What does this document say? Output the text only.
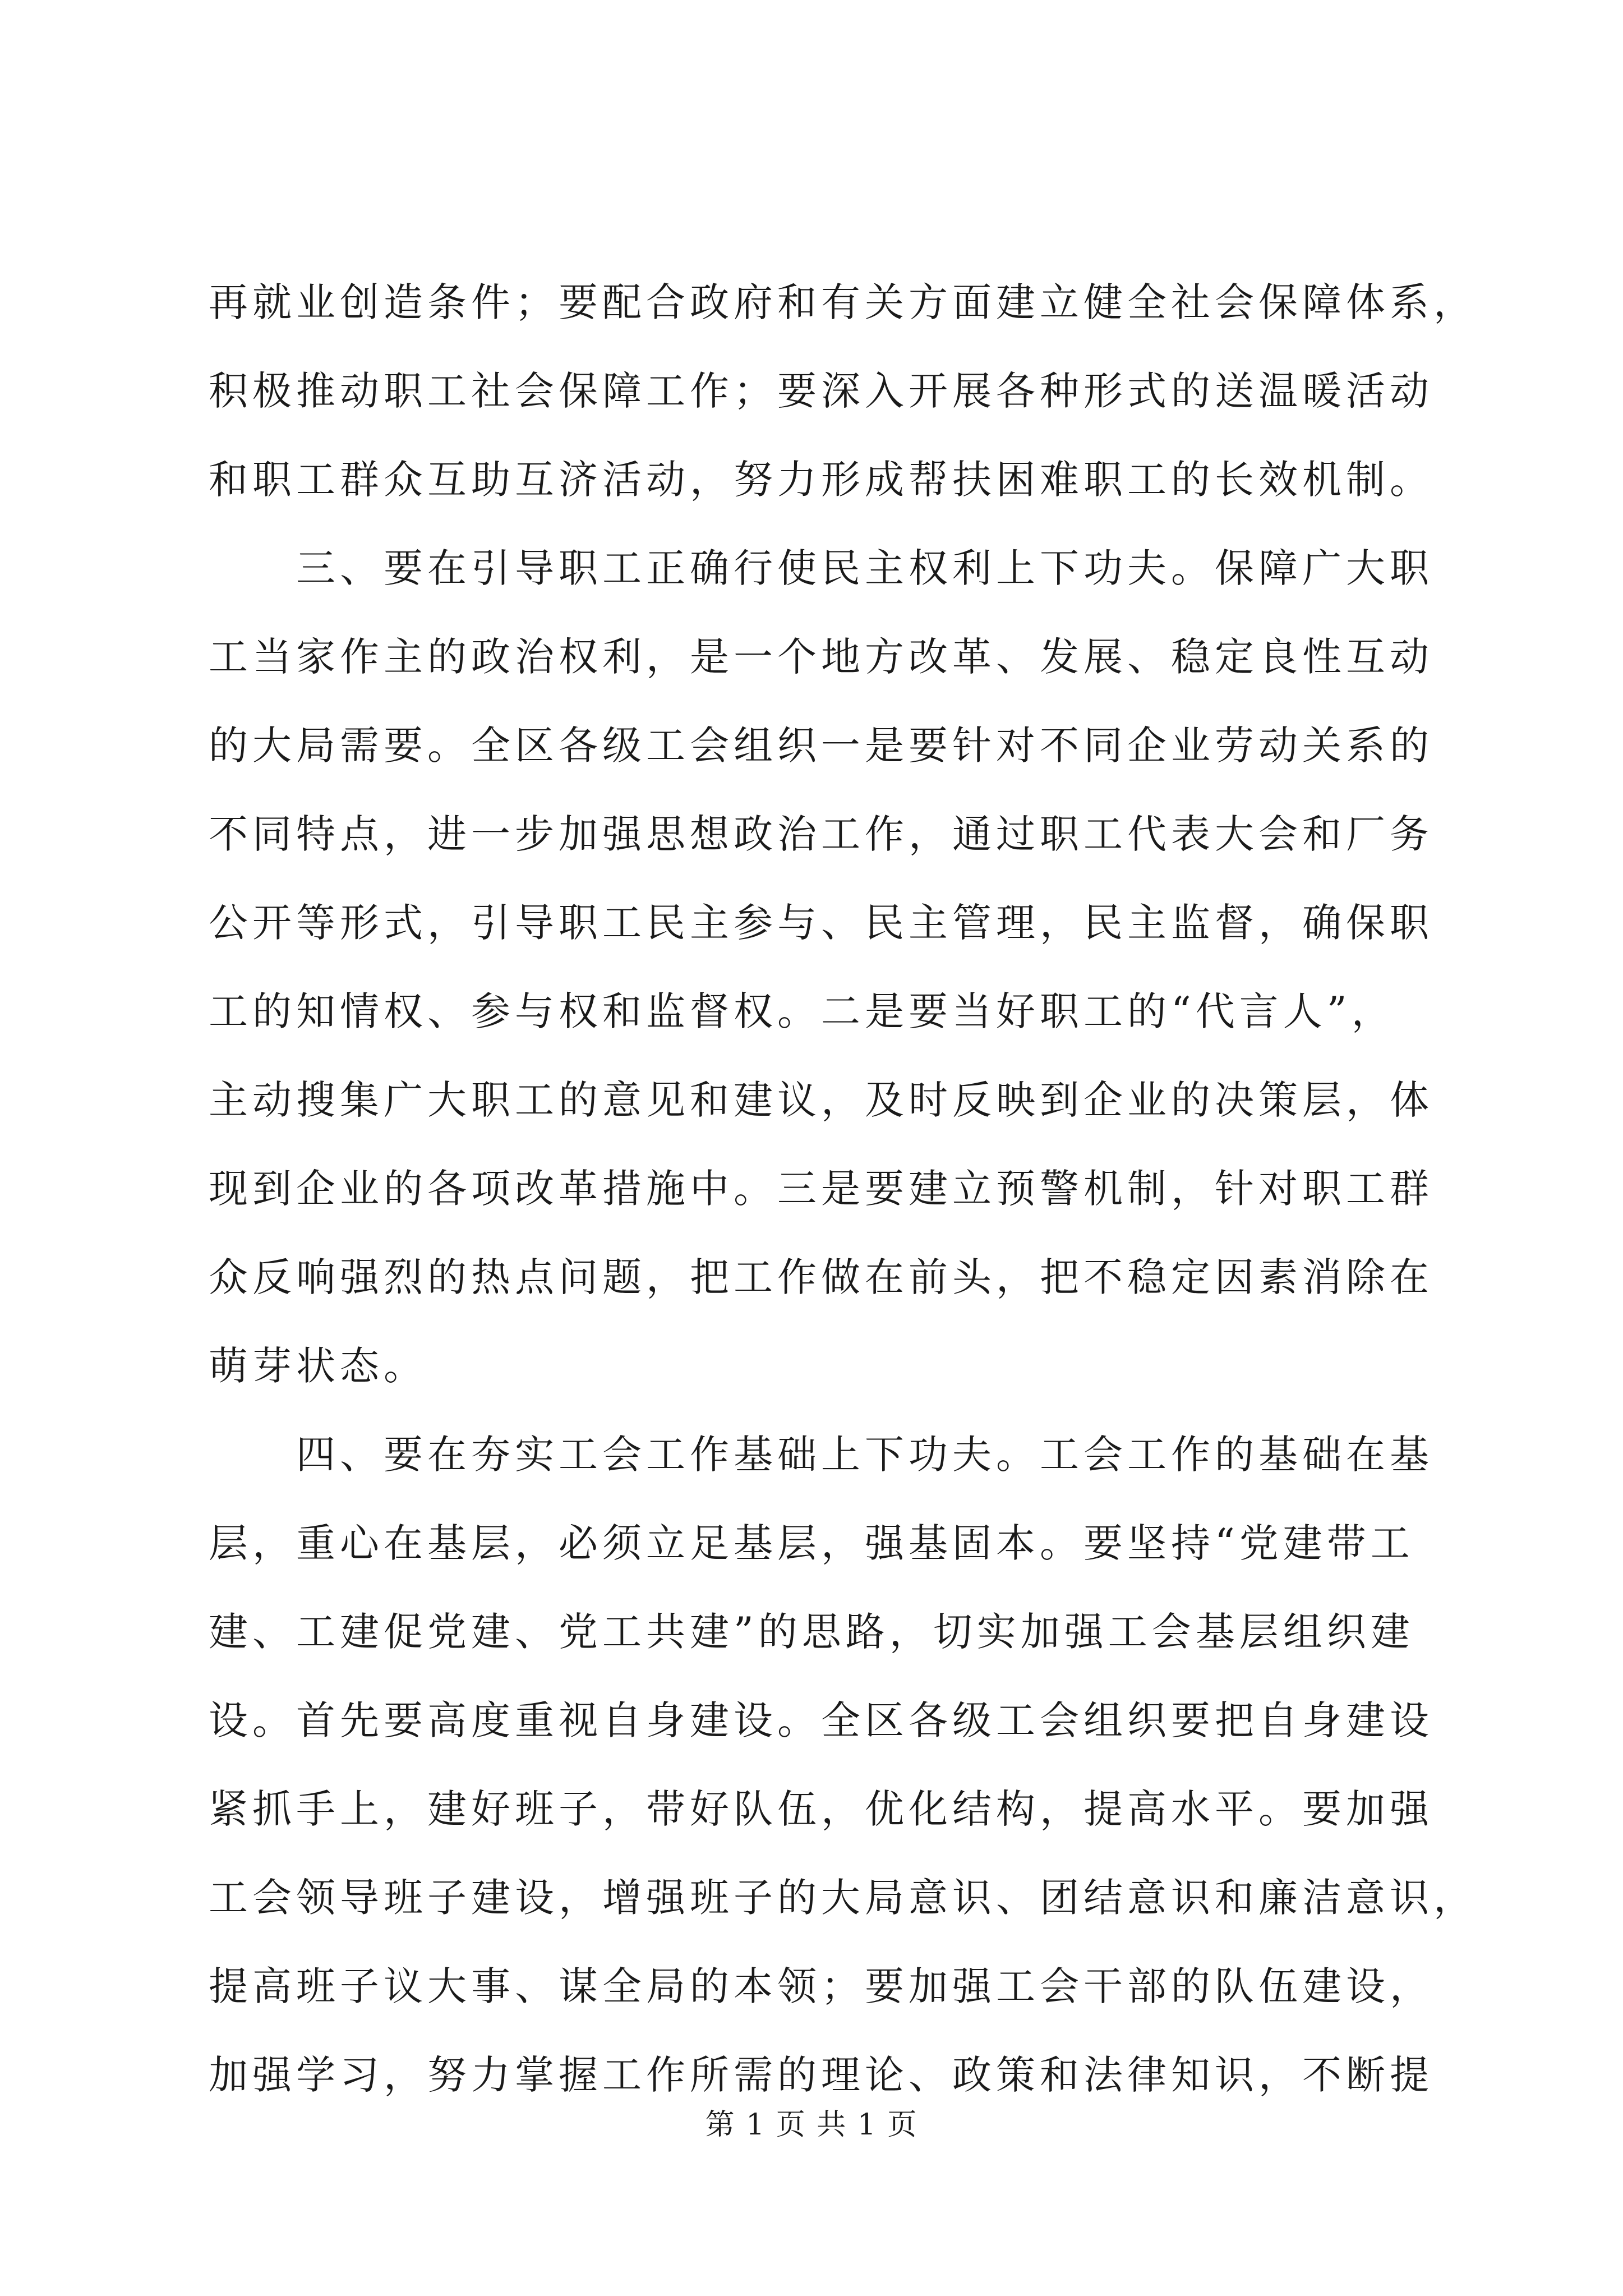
再就业创造条件；要配合政府和有关方面建立健全社会保障体系，
积极推动职工社会保障工作；要深入开展各种形式的送温暖活动
和职工群众互助互济活动，努力形成帮扶困难职工的长效机制。
三、要在引导职工正确行使民主权利上下功夫。保障广大职
工当家作主的政治权利，是一个地方改革、发展、稳定良性互动
的大局需要。全区各级工会组织一是要针对不同企业劳动关系的
不同特点，进一步加强思想政治工作，通过职工代表大会和厂务
公开等形式，引导职工民主参与、民主管理，民主监督，确保职
工的知情权、参与权和监督权。二是要当好职工的“代言人”，
主动搜集广大职工的意见和建议，及时反映到企业的决策层，体
现到企业的各项改革措施中。三是要建立预警机制，针对职工群
众反响强烈的热点问题，把工作做在前头，把不稳定因素消除在
萌芽状态。
四、要在夯实工会工作基础上下功夫。工会工作的基础在基
层，重心在基层，必须立足基层，强基固本。要坚持“党建带工
建、工建促党建、党工共建”的思路，切实加强工会基层组织建
设。首先要高度重视自身建设。全区各级工会组织要把自身建设
紧抓手上，建好班子，带好队伍，优化结构，提高水平。要加强
工会领导班子建设，增强班子的大局意识、团结意识和廉洁意识，
提高班子议大事、谋全局的本领；要加强工会干部的队伍建设，
加强学习，努力掌握工作所需的理论、政策和法律知识，不断提
第 1 页 共 1 页
